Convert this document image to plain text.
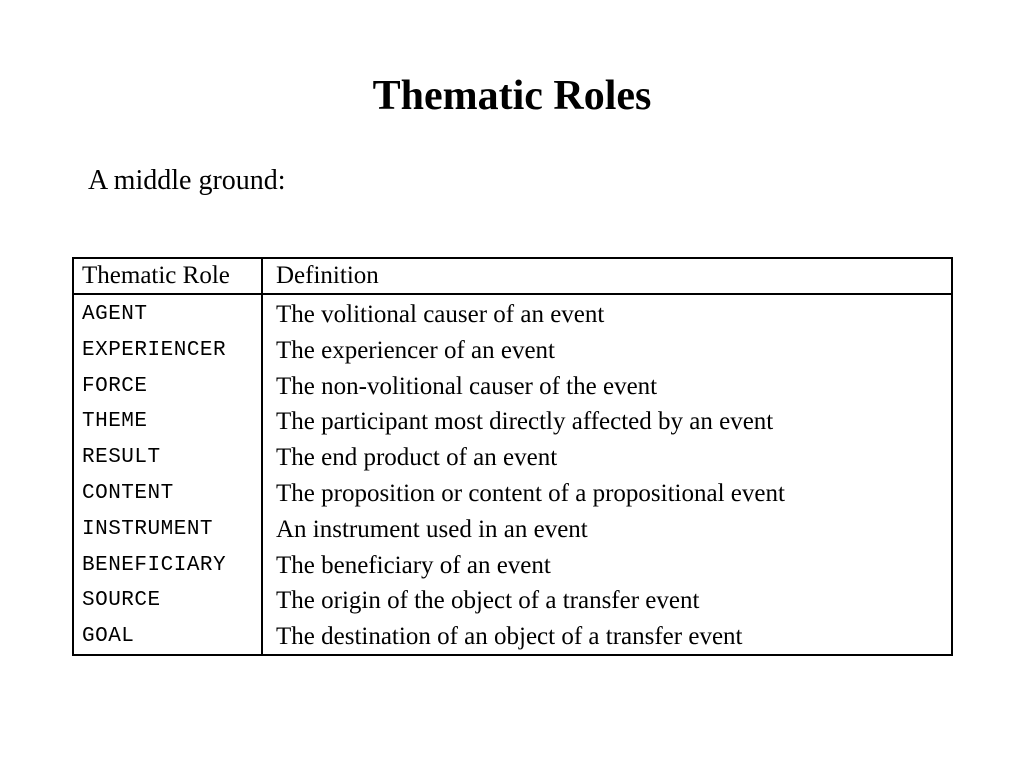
Thematic Roles
A middle ground:
Thematic Role Definition
AGENT	The volitional causer of an event
EXPERIENCER The experiencer of an event
FORCE	The non-volitional causer of the event
THEME	The participant most directly affected by an event
RESULT	The end product of an event
CONTENT	The proposition or content of a propositional event
INSTRUMENT	An instrument used in an event
BENEFICIARY The beneficiary of an event
SOURCE	The origin of the object of a transfer event
GOAL	The destination of an object of a transfer event
